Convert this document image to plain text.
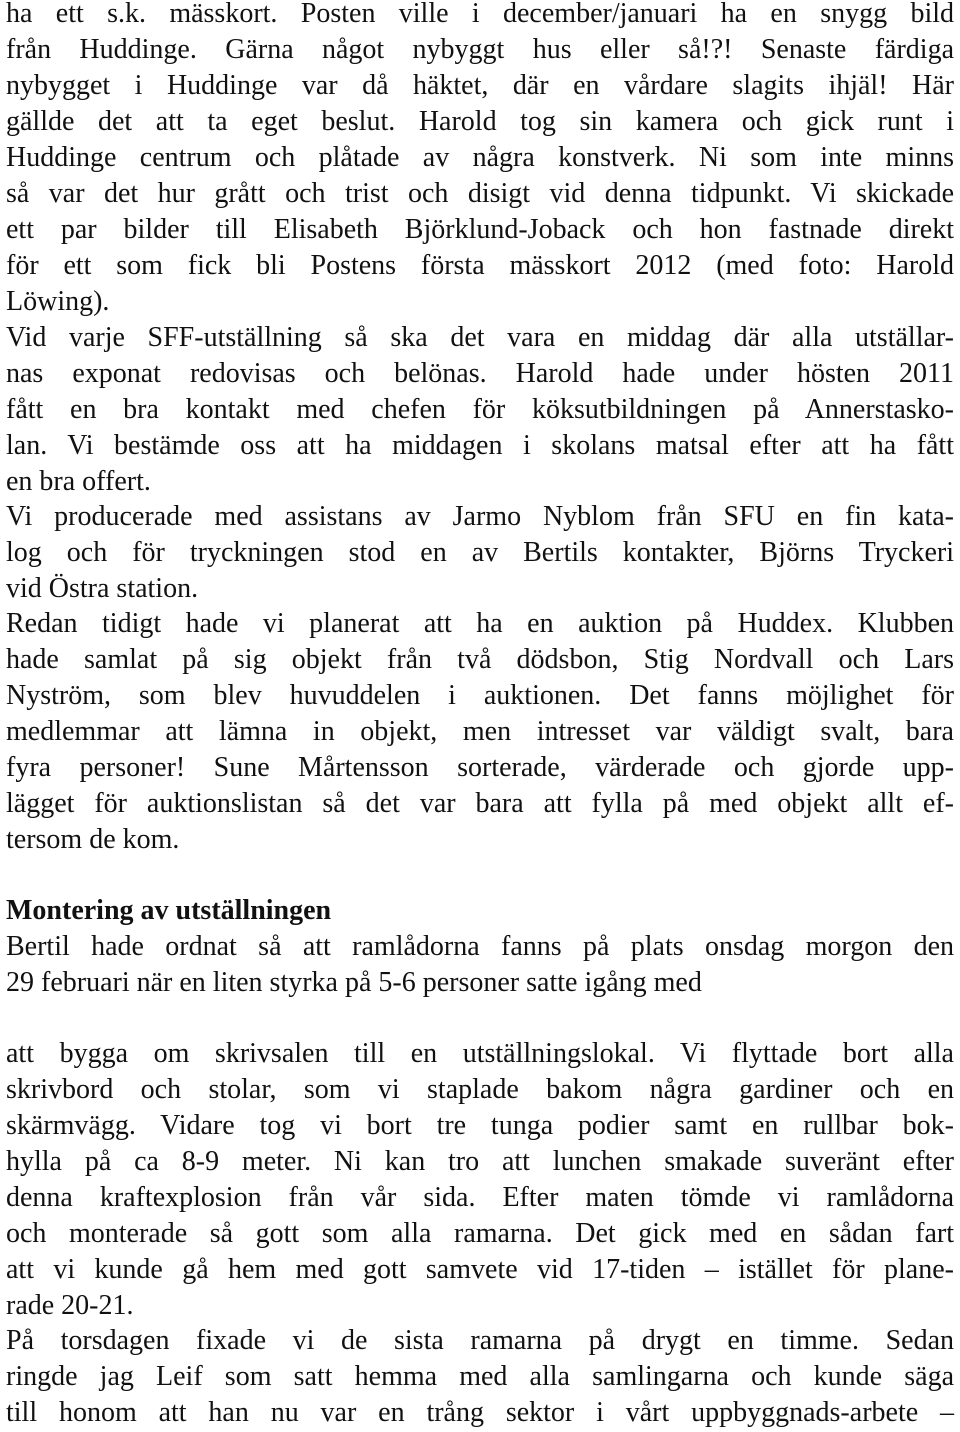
ha ett s.k. mässkort. Posten ville i december/januari ha en snygg bild
från Huddinge. Gärna något nybyggt hus eller så!?! Senaste färdiga
nybygget i Huddinge var då häktet, där en vårdare slagits ihjäl! Här
gällde det att ta eget beslut. Harold tog sin kamera och gick runt i
Huddinge centrum och plåtade av några konstverk. Ni som inte minns
så var det hur grått och trist och disigt vid denna tidpunkt. Vi skickade
ett par bilder till Elisabeth Björklund-Joback och hon fastnade direkt
för ett som fick bli Postens första mässkort 2012 (med foto: Harold
Löwing).
Vid varje SFF-utställning så ska det vara en middag där alla utställar-
nas exponat redovisas och belönas. Harold hade under hösten 2011
fått en bra kontakt med chefen för köksutbildningen på Annerstasko-
lan. Vi bestämde oss att ha middagen i skolans matsal efter att ha fått
en bra offert.
Vi producerade med assistans av Jarmo Nyblom från SFU en fin kata-
log och för tryckningen stod en av Bertils kontakter, Björns Tryckeri
vid Östra station.
Redan tidigt hade vi planerat att ha en auktion på Huddex. Klubben
hade samlat på sig objekt från två dödsbon, Stig Nordvall och Lars
Nyström, som blev huvuddelen i auktionen. Det fanns möjlighet för
medlemmar att lämna in objekt, men intresset var väldigt svalt, bara
fyra personer! Sune Mårtensson sorterade, värderade och gjorde upp-
lägget för auktionslistan så det var bara att fylla på med objekt allt ef-
tersom de kom.
Montering av utställningen
Bertil hade ordnat så att ramlådorna fanns på plats onsdag morgon den
29 februari när en liten styrka på 5-6 personer satte igång med
att bygga om skrivsalen till en utställningslokal. Vi flyttade bort alla
skrivbord och stolar, som vi staplade bakom några gardiner och en
skärmvägg. Vidare tog vi bort tre tunga podier samt en rullbar bok-
hylla på ca 8-9 meter. Ni kan tro att lunchen smakade suveränt efter
denna kraftexplosion från vår sida. Efter maten tömde vi ramlådorna
och monterade så gott som alla ramarna. Det gick med en sådan fart
att vi kunde gå hem med gott samvete vid 17-tiden – istället för plane-
rade 20-21.
På torsdagen fixade vi de sista ramarna på drygt en timme. Sedan
ringde jag Leif som satt hemma med alla samlingarna och kunde säga
till honom att han nu var en trång sektor i vårt uppbyggnads-arbete –
